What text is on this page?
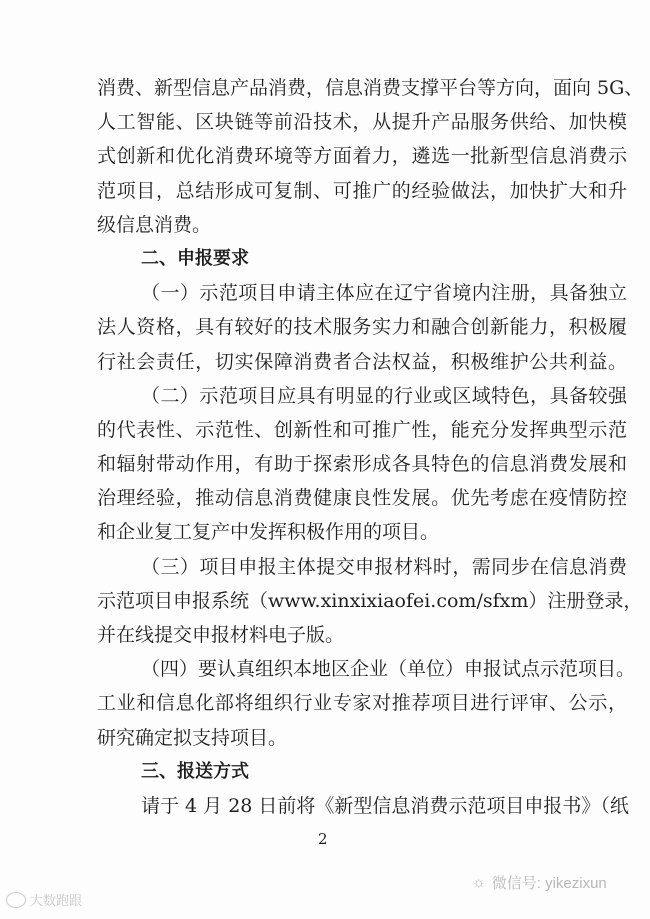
消费、新型信息产品消费，信息消费支撑平台等方向，面向 5G、
人工智能、区块链等前沿技术，从提升产品服务供给、加快模
式创新和优化消费环境等方面着力，遴选一批新型信息消费示
范项目，总结形成可复制、可推广的经验做法，加快扩大和升
级信息消费。
二、申报要求
（一）示范项目申请主体应在辽宁省境内注册，具备独立
法人资格，具有较好的技术服务实力和融合创新能力，积极履
行社会责任，切实保障消费者合法权益，积极维护公共利益。
（二）示范项目应具有明显的行业或区域特色，具备较强
的代表性、示范性、创新性和可推广性，能充分发挥典型示范
和辐射带动作用，有助于探索形成各具特色的信息消费发展和
治理经验，推动信息消费健康良性发展。优先考虑在疫情防控
和企业复工复产中发挥积极作用的项目。
（三）项目申报主体提交申报材料时，需同步在信息消费
示范项目申报系统（www.xinxixiaofei.com/sfxm）注册登录，
并在线提交申报材料电子版。
（四）要认真组织本地区企业（单位）申报试点示范项目。
工业和信息化部将组织行业专家对推荐项目进行评审、公示，
研究确定拟支持项目。
三、报送方式
请于 4 月 28 日前将《新型信息消费示范项目申报书》（纸
2
☼ 微信号: yikezixun
大数跑跟
